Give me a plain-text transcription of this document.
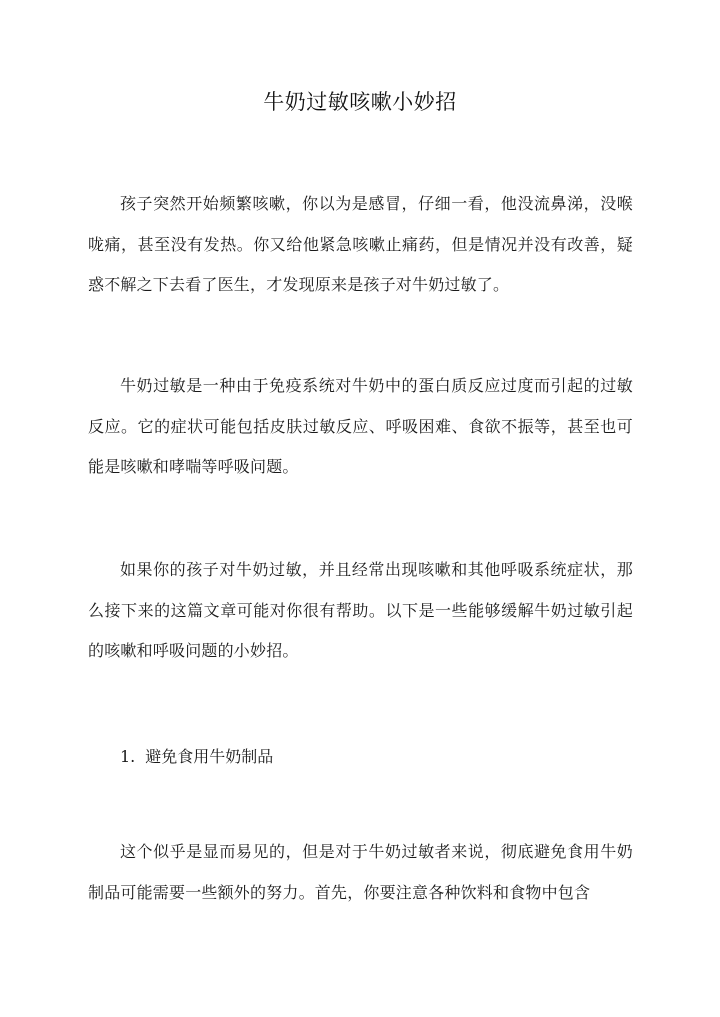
牛奶过敏咳嗽小妙招

孩子突然开始频繁咳嗽，你以为是感冒，仔细一看，他没流鼻涕，没喉咙痛，甚至没有发热。你又给他紧急咳嗽止痛药，但是情况并没有改善，疑惑不解之下去看了医生，才发现原来是孩子对牛奶过敏了。

牛奶过敏是一种由于免疫系统对牛奶中的蛋白质反应过度而引起的过敏反应。它的症状可能包括皮肤过敏反应、呼吸困难、食欲不振等，甚至也可能是咳嗽和哮喘等呼吸问题。

如果你的孩子对牛奶过敏，并且经常出现咳嗽和其他呼吸系统症状，那么接下来的这篇文章可能对你很有帮助。以下是一些能够缓解牛奶过敏引起的咳嗽和呼吸问题的小妙招。

1. 避免食用牛奶制品

这个似乎是显而易见的，但是对于牛奶过敏者来说，彻底避免食用牛奶制品可能需要一些额外的努力。首先，你要注意各种饮料和食物中包含
